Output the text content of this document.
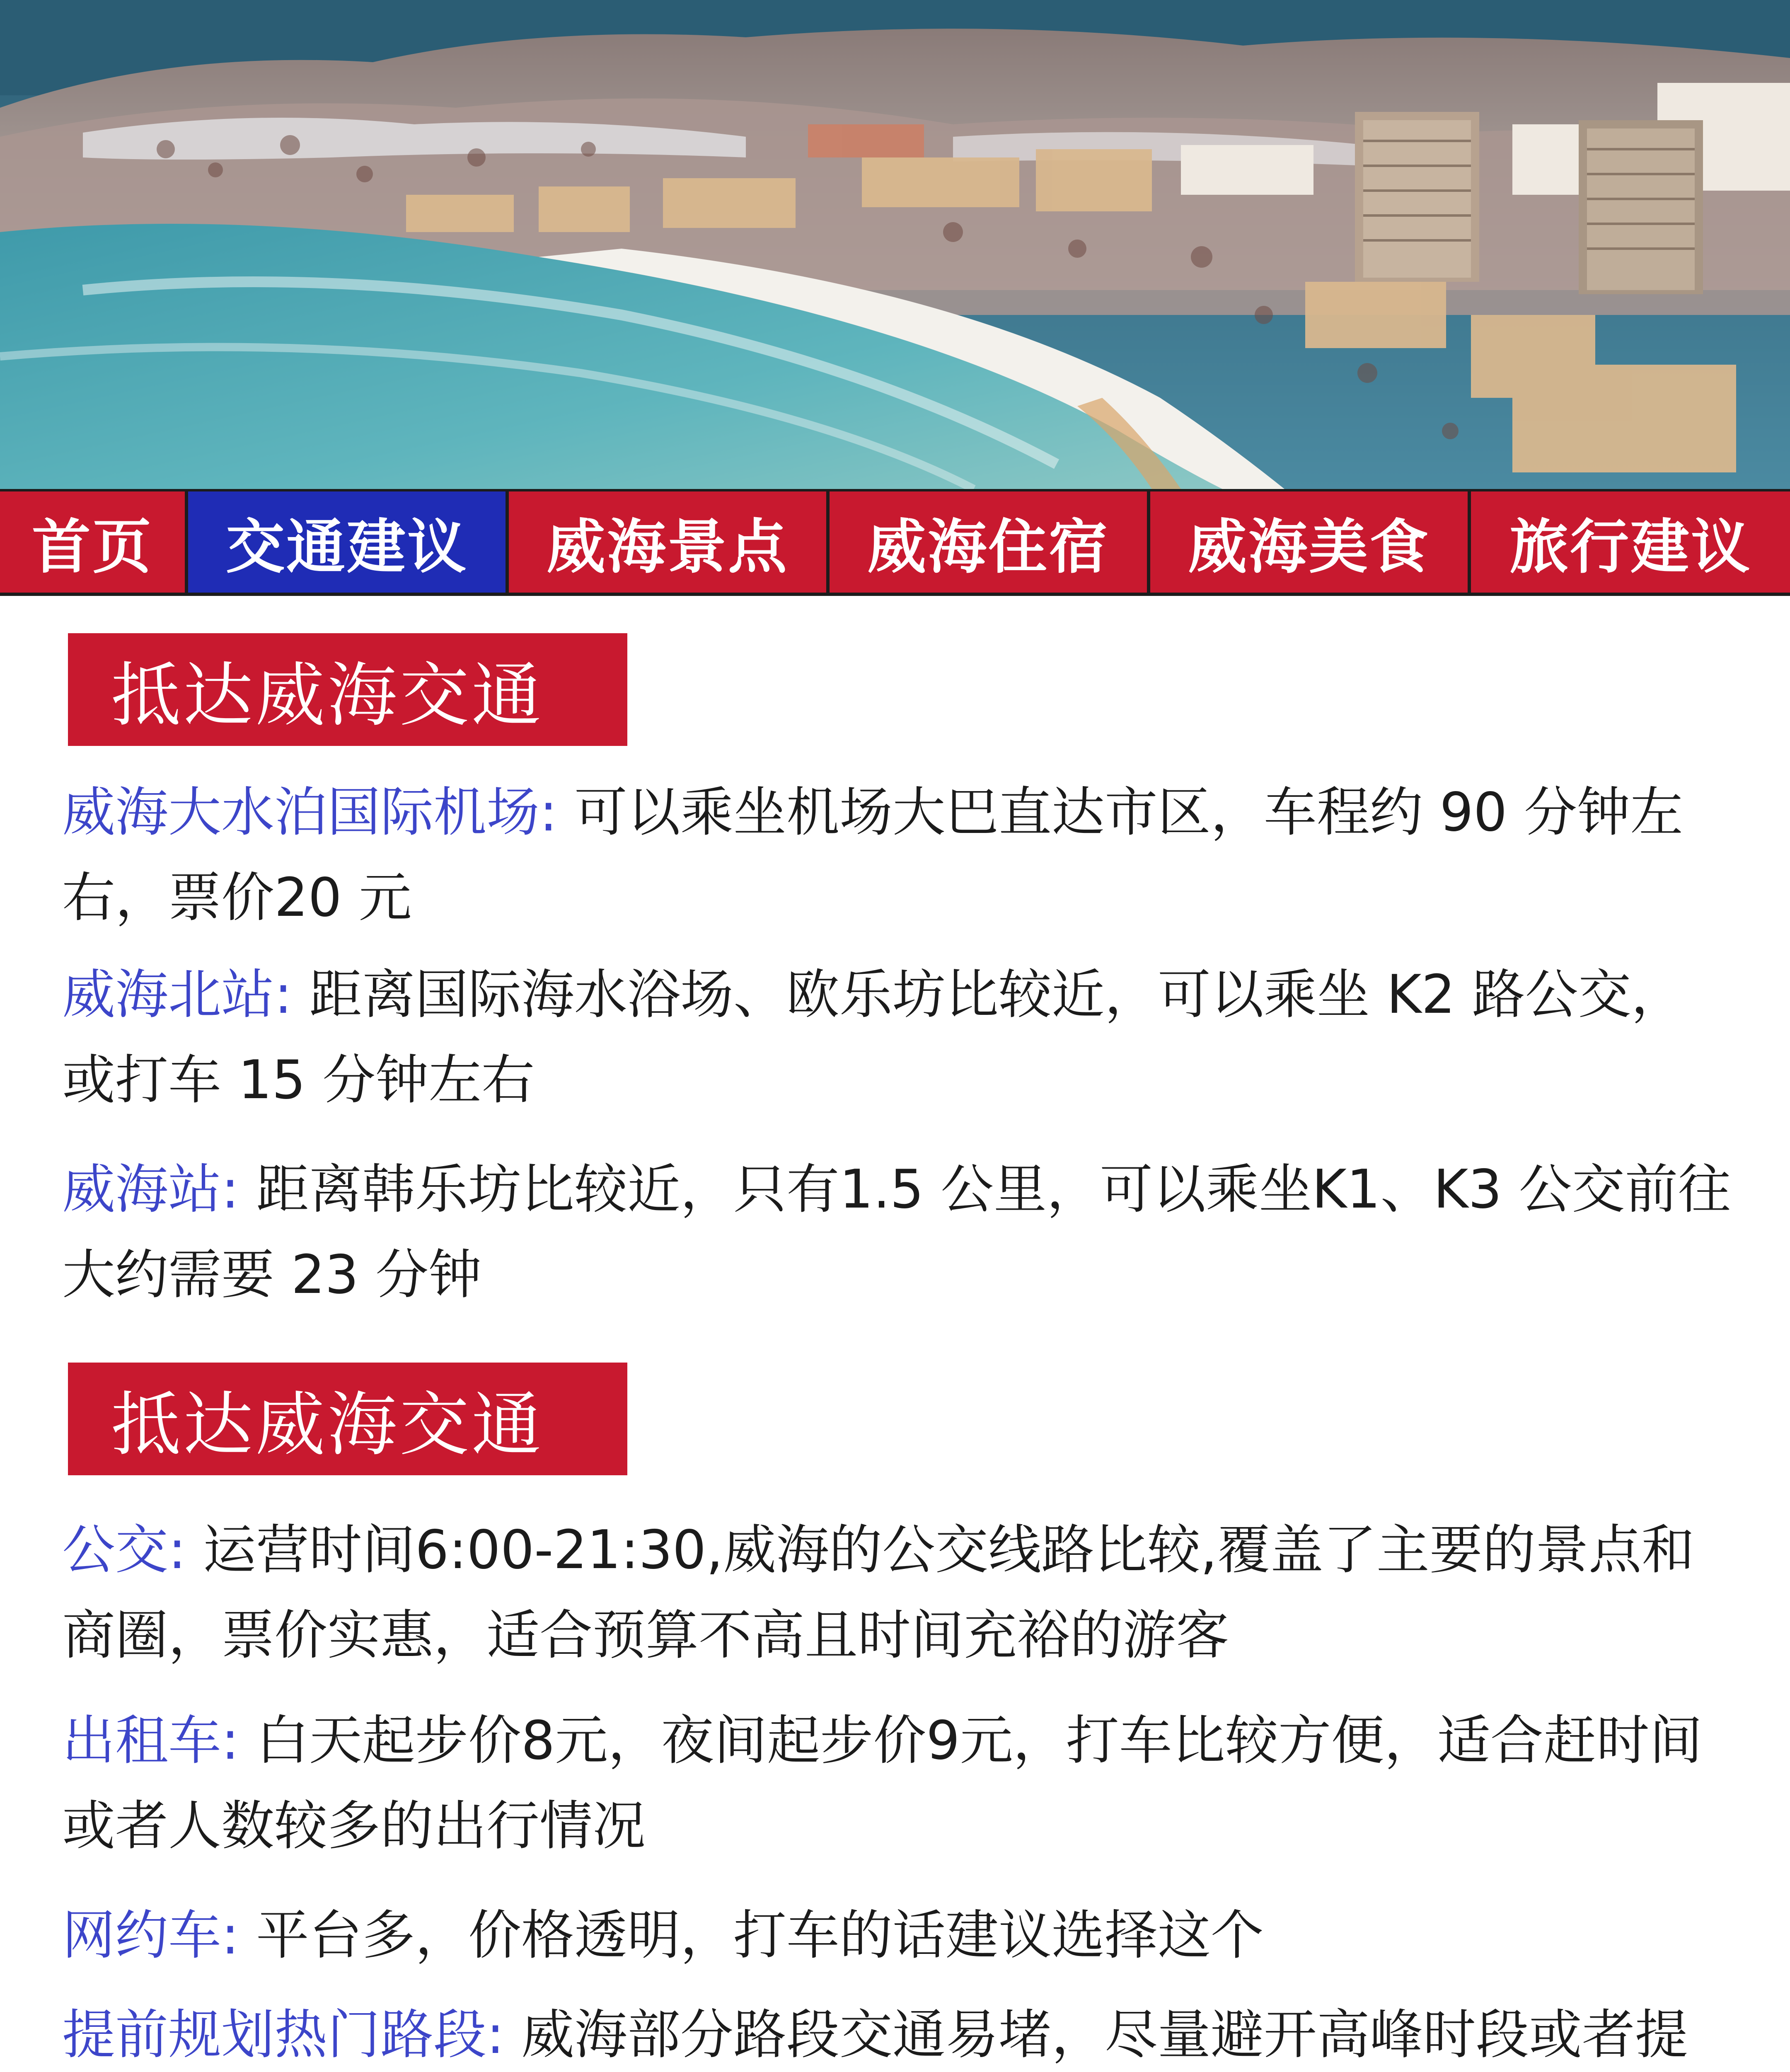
首页	交通建议	威海景点	威海住宿	威海美食	旅行建议
抵达威海交通
威海大水泊国际机场: 可以乘坐机场大巴直达市区，车程约 90 分钟左右，票价20 元
威海北站: 距离国际海水浴场、欧乐坊比较近，可以乘坐 K2 路公交，或打车 15 分钟左右
威海站: 距离韩乐坊比较近，只有1.5 公里，可以乘坐K1、K3 公交前往大约需要 23 分钟
抵达威海交通
公交: 运营时间6:00-21:30,威海的公交线路比较,覆盖了主要的景点和商圈，票价实惠，适合预算不高且时间充裕的游客
出租车: 白天起步价8元，夜间起步价9元，打车比较方便，适合赶时间或者人数较多的出行情况
网约车: 平台多，价格透明，打车的话建议选择这个
提前规划热门路段: 威海部分路段交通易堵，尽量避开高峰时段或者提
